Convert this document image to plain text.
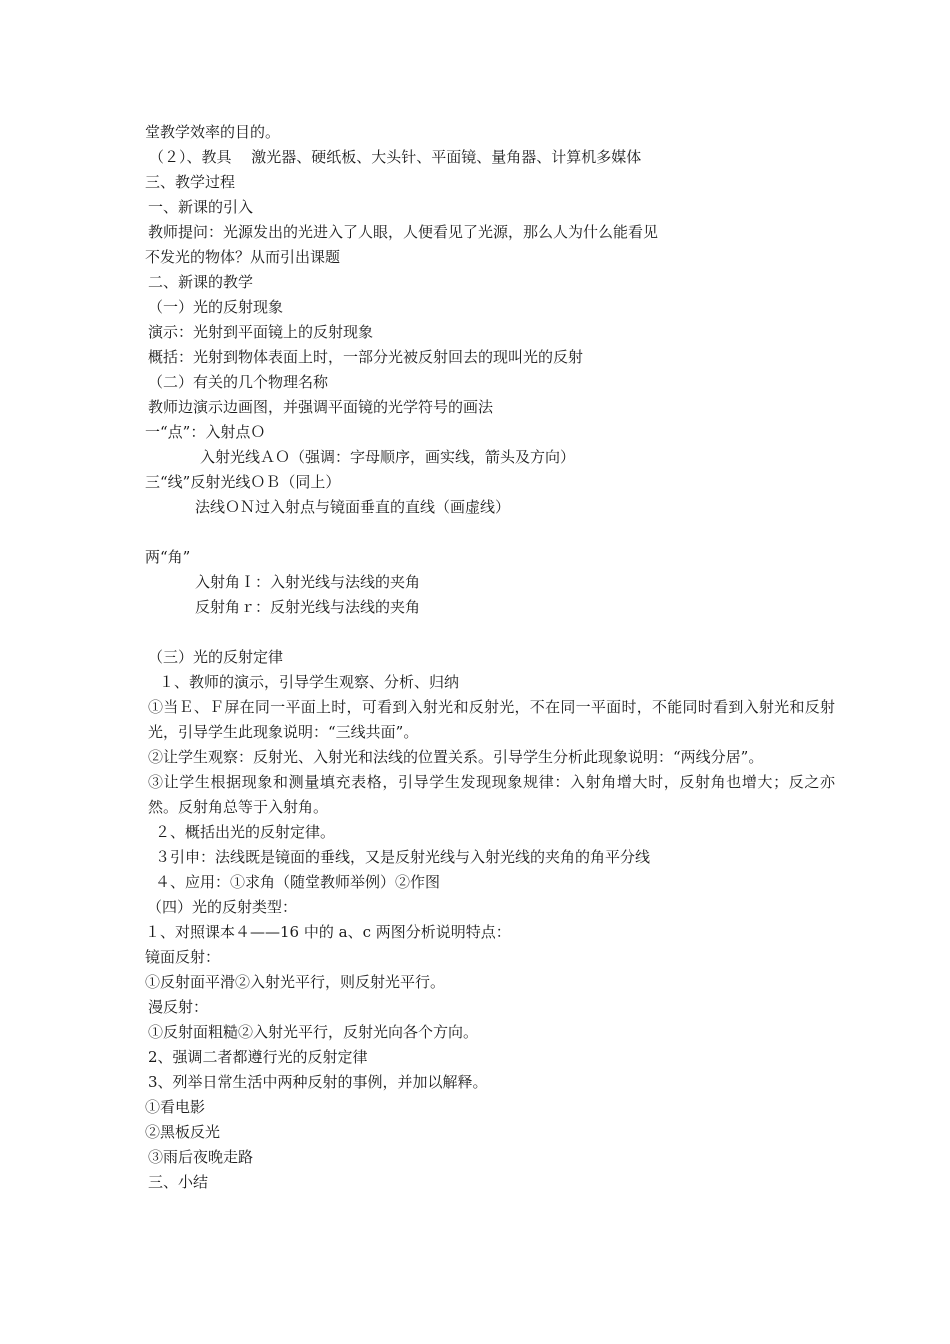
堂教学效率的目的。
（２）、教具　 激光器、硬纸板、大头针、平面镜、量角器、计算机多媒体
三、教学过程
一、新课的引入
教师提问：光源发出的光进入了人眼，人便看见了光源，那么人为什么能看见
不发光的物体？从而引出课题
二、新课的教学
（一）光的反射现象
演示：光射到平面镜上的反射现象
概括：光射到物体表面上时，一部分光被反射回去的现叫光的反射
（二）有关的几个物理名称
教师边演示边画图，并强调平面镜的光学符号的画法
一“点”：入射点Ｏ
入射光线ＡＯ（强调：字母顺序，画实线，箭头及方向）
三“线”反射光线ＯＢ（同上）
法线ＯＮ过入射点与镜面垂直的直线（画虚线）
两“角”
入射角Ｉ：入射光线与法线的夹角
反射角ｒ：反射光线与法线的夹角
（三）光的反射定律
１、教师的演示，引导学生观察、分析、归纳
①当Ｅ、Ｆ屏在同一平面上时，可看到入射光和反射光，不在同一平面时，不能同时看到入射光和反射光，引导学生此现象说明：“三线共面”。
②让学生观察：反射光、入射光和法线的位置关系。引导学生分析此现象说明：“两线分居”。
③让学生根据现象和测量填充表格，引导学生发现现象规律：入射角增大时，反射角也增大；反之亦然。反射角总等于入射角。
２、概括出光的反射定律。
３引申：法线既是镜面的垂线，又是反射光线与入射光线的夹角的角平分线
４、应用：①求角（随堂教师举例）②作图
（四）光的反射类型：
１、对照课本４——16 中的 a、c 两图分析说明特点：
镜面反射：
①反射面平滑②入射光平行，则反射光平行。
漫反射：
①反射面粗糙②入射光平行，反射光向各个方向。
2、强调二者都遵行光的反射定律
3、列举日常生活中两种反射的事例，并加以解释。
①看电影
②黑板反光
③雨后夜晚走路
三、小结
